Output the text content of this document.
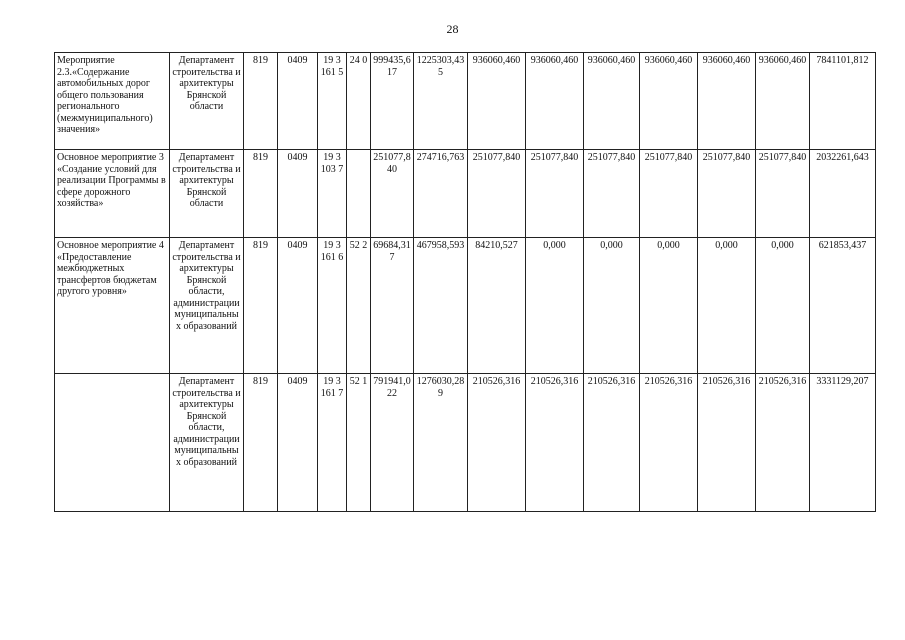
28
Мероприятие 2.3.«Содержание автомобильных дорог общего пользования регионального (межмуниципального) значения»	Департамент строительства и архитектуры Брянской области	819	0409	19 3 161 5	24 0	999435,617	1225303,435	936060,460	936060,460	936060,460	936060,460	936060,460	936060,460	7841101,812
Основное мероприятие 3 «Создание условий для реализации Программы в сфере дорожного хозяйства»	Департамент строительства и архитектуры Брянской области	819	0409	19 3 103 7		251077,840	274716,763	251077,840	251077,840	251077,840	251077,840	251077,840	251077,840	2032261,643
Основное мероприятие 4 «Предоставление межбюджетных трансфертов бюджетам другого уровня»	Департамент строительства и архитектуры Брянской области, администрации муниципальных образований	819	0409	19 3 161 6	52 2	69684,317	467958,593	84210,527	0,000	0,000	0,000	0,000	0,000	621853,437
	Департамент строительства и архитектуры Брянской области, администрации муниципальных образований	819	0409	19 3 161 7	52 1	791941,022	1276030,289	210526,316	210526,316	210526,316	210526,316	210526,316	210526,316	3331129,207
